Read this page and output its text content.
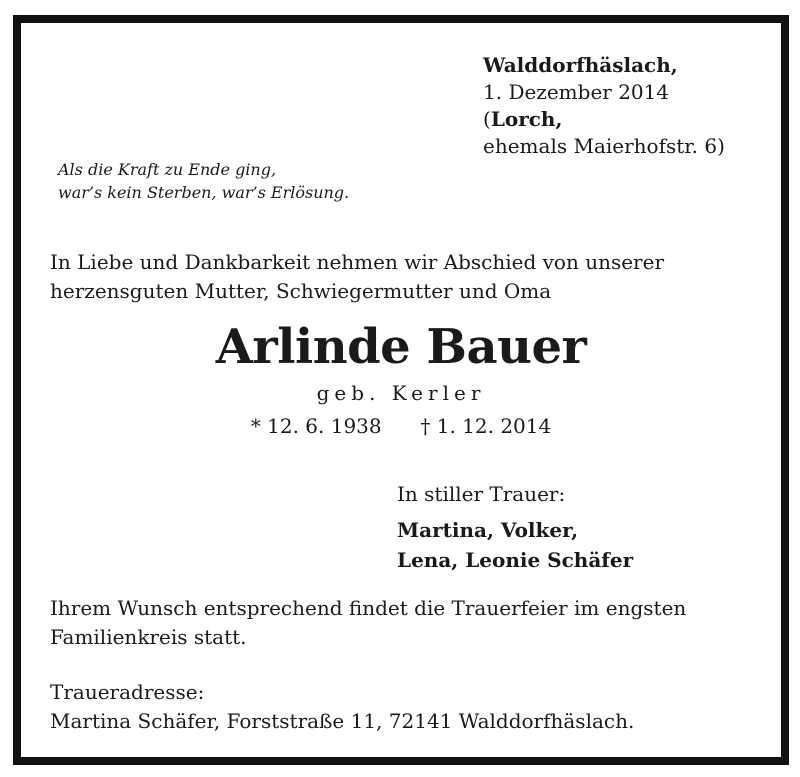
Walddorfhäslach,
1. Dezember 2014
(Lorch,
ehemals Maierhofstr. 6)
Als die Kraft zu Ende ging,
war’s kein Sterben, war’s Erlösung.
In Liebe und Dankbarkeit nehmen wir Abschied von unserer
herzensguten Mutter, Schwiegermutter und Oma
Arlinde Bauer
geb. Kerler
* 12. 6. 1938 † 1. 12. 2014
In stiller Trauer:
Martina, Volker,
Lena, Leonie Schäfer
Ihrem Wunsch entsprechend findet die Trauerfeier im engsten
Familienkreis statt.
Traueradresse:
Martina Schäfer, Forststraße 11, 72141 Walddorfhäslach.
